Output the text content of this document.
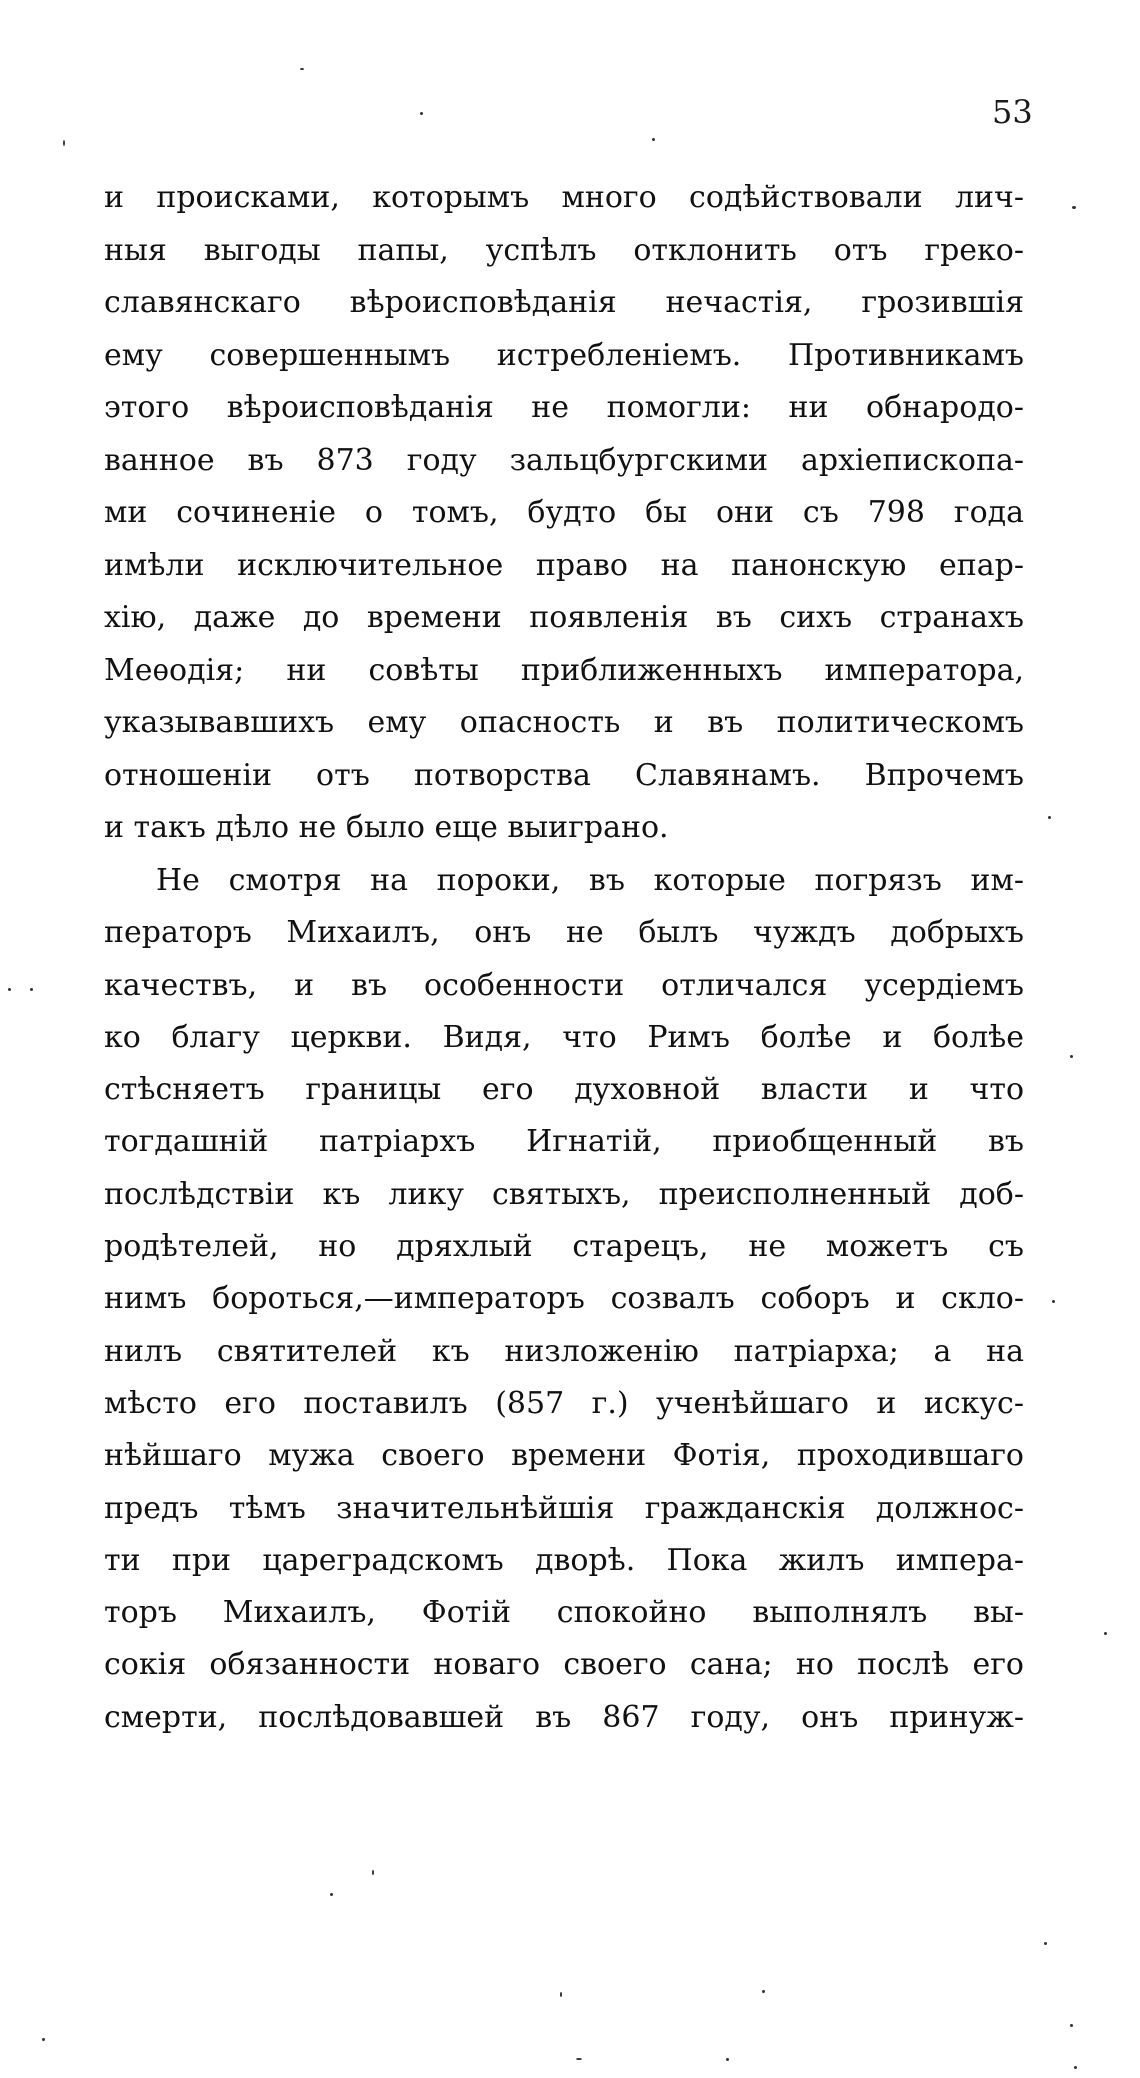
53
и происками, которымъ много содѣйствовали лич-
ныя выгоды папы, успѣлъ отклонить отъ греко-
славянскаго вѣроисповѣданія нечастія, грозившія
ему совершеннымъ истребленіемъ. Противникамъ
этого вѣроисповѣданія не помогли: ни обнародо-
ванное въ 873 году зальцбургскими архіепископа-
ми сочиненіе о томъ, будто бы они съ 798 года
имѣли исключительное право на панонскую епар-
хію, даже до времени появленія въ сихъ странахъ
Меѳодія; ни совѣты приближенныхъ императора,
указывавшихъ ему опасность и въ политическомъ
отношеніи отъ потворства Славянамъ. Впрочемъ
и такъ дѣло не было еще выиграно.
Не смотря на пороки, въ которые погрязъ им-
ператоръ Михаилъ, онъ не былъ чуждъ добрыхъ
качествъ, и въ особенности отличался усердіемъ
ко благу церкви. Видя, что Римъ болѣе и болѣе
стѣсняетъ границы его духовной власти и что
тогдашній патріархъ Игнатій, приобщенный въ
послѣдствіи къ лику святыхъ, преисполненный доб-
родѣтелей, но дряхлый старецъ, не можетъ съ
нимъ бороться,—императоръ созвалъ соборъ и скло-
нилъ святителей къ низложенію патріарха; а на
мѣсто его поставилъ (857 г.) ученѣйшаго и искус-
нѣйшаго мужа своего времени Фотія, проходившаго
предъ тѣмъ значительнѣйшія гражданскія должнос-
ти при цареградскомъ дворѣ. Пока жилъ импера-
торъ Михаилъ, Фотій спокойно выполнялъ вы-
сокія обязанности новаго своего сана; но послѣ его
смерти, послѣдовавшей въ 867 году, онъ принуж-
